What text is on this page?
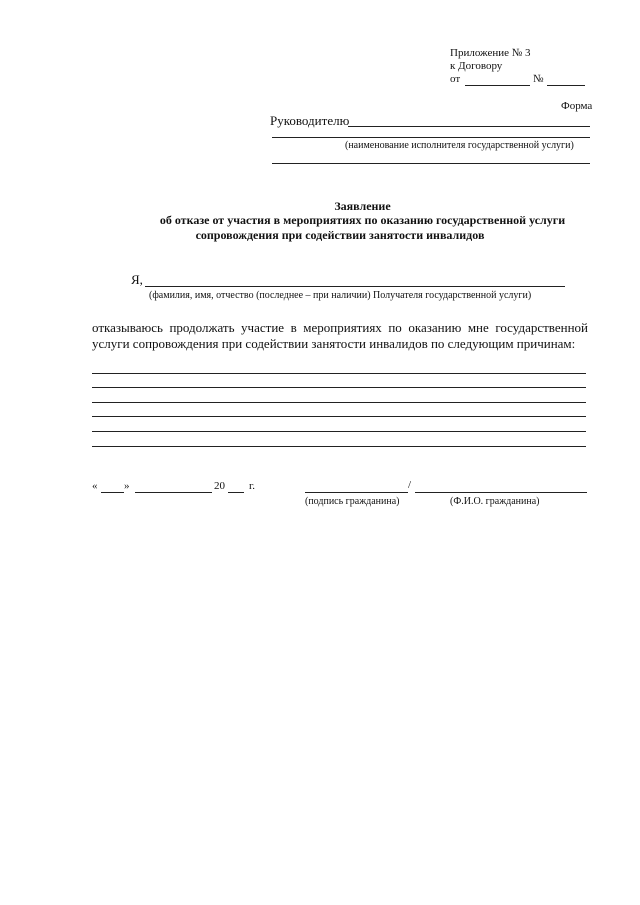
Приложение № 3
к Договору
от	№
Форма
Руководителю
(наименование исполнителя государственной услуги)
Заявление
об отказе от участия в мероприятиях по оказанию государственной услуги
сопровождения при содействии занятости инвалидов
Я,
(фамилия, имя, отчество (последнее – при наличии) Получателя государственной услуги)
отказываюсь продолжать участие в мероприятиях по оказанию мне государственной
услуги сопровождения при содействии занятости инвалидов по следующим причинам:
« »	20 г.	/
(подпись гражданина)	(Ф.И.О. гражданина)
